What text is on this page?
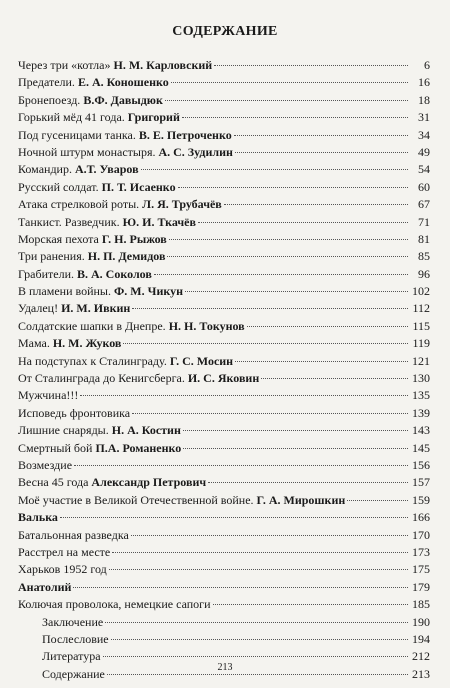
СОДЕРЖАНИЕ
Через три «котла» Н. М. Карловский	6
Предатели. Е. А. Коношенко	16
Бронепоезд. В.Ф. Давыдюк	18
Горький мёд 41 года. Григорий	31
Под гусеницами танка. В. Е. Петроченко	34
Ночной штурм монастыря. А. С. Зудилин	49
Командир. А.Т. Уваров	54
Русский солдат. П. Т. Исаенко	60
Атака стрелковой роты. Л. Я. Трубачёв	67
Танкист. Разведчик. Ю. И. Ткачёв	71
Морская пехота Г. Н. Рыжов	81
Три ранения. Н. П. Демидов	85
Грабители. В. А. Соколов	96
В пламени войны. Ф. М. Чикун	102
Удалец! И. М. Ивкин	112
Солдатские шапки в Днепре. Н. Н. Токунов	115
Мама. Н. М. Жуков	119
На подступах к Сталинграду. Г. С. Мосин	121
От Сталинграда до Кенигсберга. И. С. Яковин	130
Мужчина!!!	135
Исповедь фронтовика	139
Лишние снаряды. Н. А. Костин	143
Смертный бой П.А. Романенко	145
Возмездие	156
Весна 45 года Александр Петрович	157
Моё участие в Великой Отечественной войне. Г. А. Мирошкин	159
Валька	166
Батальонная разведка	170
Расстрел на месте	173
Харьков 1952 год	175
Анатолий	179
Колючая проволока, немецкие сапоги	185
Заключение	190
Послесловие	194
Литература	212
Содержание	213
213
